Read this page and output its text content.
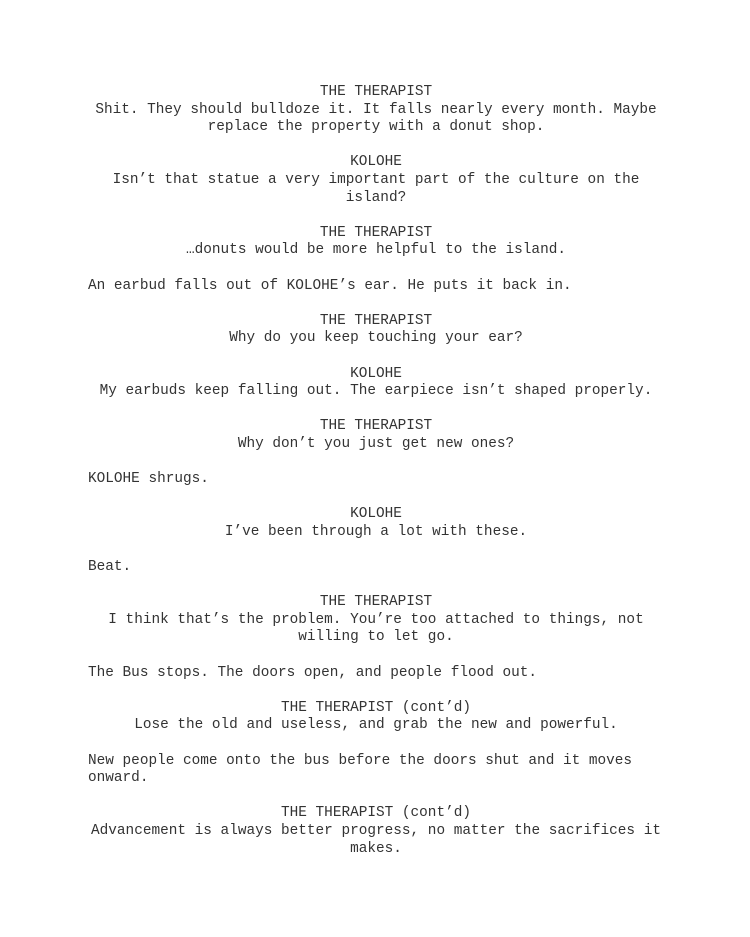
THE THERAPIST

Shit. They should bulldoze it. It falls nearly every month. Maybe replace the property with a donut shop.

KOLOHE

Isn’t that statue a very important part of the culture on the island?

THE THERAPIST

…donuts would be more helpful to the island.

An earbud falls out of KOLOHE’s ear. He puts it back in.

THE THERAPIST

Why do you keep touching your ear?

KOLOHE

My earbuds keep falling out. The earpiece isn’t shaped properly.

THE THERAPIST

Why don’t you just get new ones?

KOLOHE shrugs.

KOLOHE

I’ve been through a lot with these.

Beat.

THE THERAPIST

I think that’s the problem. You’re too attached to things, not willing to let go.

The Bus stops. The doors open, and people flood out.

THE THERAPIST (cont’d)

Lose the old and useless, and grab the new and powerful.

New people come onto the bus before the doors shut and it moves onward.

THE THERAPIST (cont’d)

Advancement is always better progress, no matter the sacrifices it makes.
